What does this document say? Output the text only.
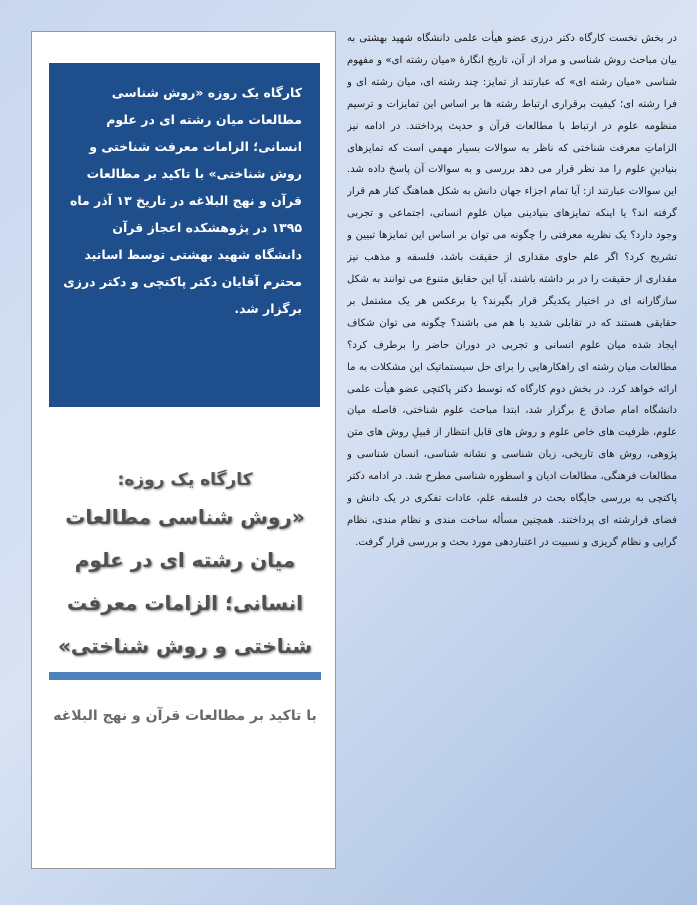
کارگاه یک روزه «روش شناسی مطالعات میان رشته ای در علوم انسانی؛ الزامات معرفت شناختی و روش شناختی» با تاکید بر مطالعات قرآن و نهج البلاغه در تاریخ ۱۳ آذر ماه ۱۳۹۵ در پژوهشکده اعجاز قرآن دانشگاه شهید بهشتی توسط اساتید محترم آقایان دکتر پاکتچی و دکتر درزی برگزار شد.

کارگاه یک روزه:

«روش شناسی مطالعات میان رشته ای در علوم انسانی؛ الزامات معرفت شناختی و روش شناختی»

با تاکید بر مطالعات قرآن و نهج البلاغه

در بخش نخست کارگاه دکتر درزی عضو هیأت علمی دانشگاه شهید بهشتی به بیان مباحث روش شناسی و مراد از آن، تاریخ انگارهٔ «میان رشته ای» و مفهوم شناسی «میان رشته ای» که عبارتند از تمایز: چند رشته ای، میان رشته ای و فرا رشته ای؛ کیفیت برقراری ارتباط رشته ها بر اساس این تمایزات و ترسیم منظومه علوم در ارتباط با مطالعات قرآن و حدیث پرداختند. در ادامه نیز الزاماتِ معرفت شناختی که ناظر به سوالات بسیار مهمی است که تمایزهای بنیادینِ علوم را مد نظر قرار می دهد بررسی و به سوالات آن پاسخ داده شد. این سوالات عبارتند از: آیا تمام اجزاء جهان دانش به شکل هماهنگ کنار هم قرار گرفته اند؟ یا اینکه تمایزهای بنیادینی میان علوم انسانی، اجتماعی و تجربی وجود دارد؟ یک نظریه معرفتی را چگونه می توان بر اساس این تمایزها تبیین و تشریح کرد؟ اگر علم حاوی مقداری از حقیقت باشد، فلسفه و مذهب نیز مقداری از حقیقت را در بر داشته باشند، آیا این حقایق متنوع می توانند به شکل سازگارانه ای در اختیار یکدیگر قرار بگیرند؟ یا برعکس هر یک مشتمل بر حقایقی هستند که در تقابلی شدید با هم می باشند؟ چگونه می توان شکاف ایجاد شده میان علوم انسانی و تجربی در دوران حاضر را برطرف کرد؟ مطالعات میان رشته ای راهکارهایی را برای حل سیستماتیک این مشکلات به ما ارائه خواهد کرد. در بخش دوم کارگاه که توسط دکتر پاکتچی عضو هیأت علمی دانشگاه امام صادق ع برگزار شد، ابتدا مباحث علوم شناختی، فاصله میان علوم، ظرفیت های خاص علوم و روش های قابل انتظار از قبیلِ روش های متن پژوهی، روش های تاریخی، زبان شناسی و نشانه شناسی، انسان شناسی و مطالعات فرهنگی، مطالعات ادیان و اسطوره شناسی مطرح شد. در ادامه دکتر پاکتچی به بررسی جایگاه بحث در فلسفه علم، عادات تفکری در یک دانش و فضای فرارشته ای پرداختند. همچنین مسأله ساخت مندی و نظام مندی، نظام گرایی و نظام گریزی و نسبیت در اعتباردهی مورد بحث و بررسی قرار گرفت.
